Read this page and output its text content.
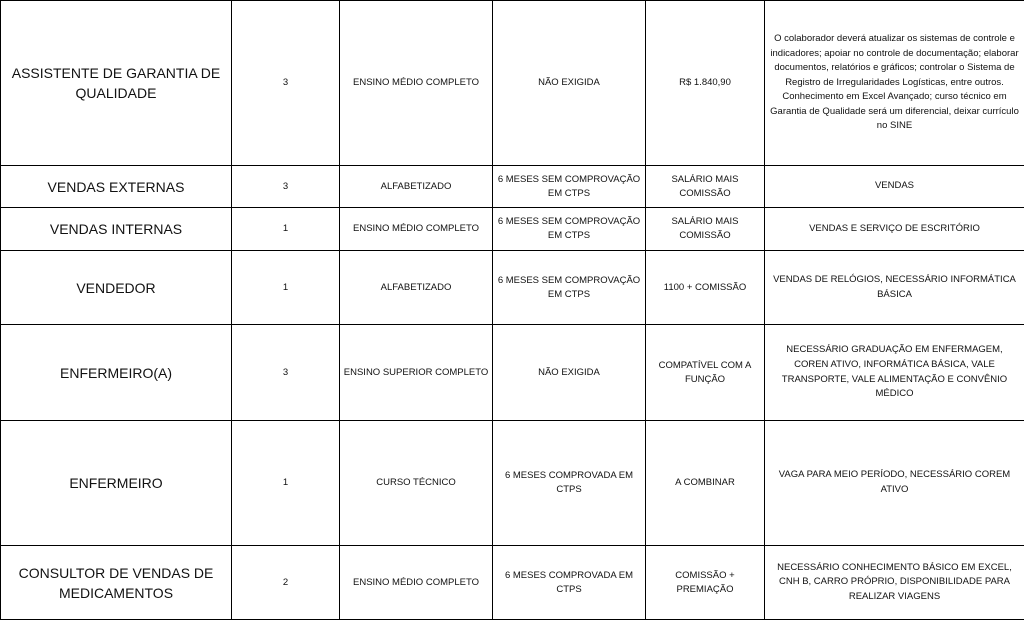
ASSISTENTE DE GARANTIA DE QUALIDADE	3	ENSINO MÉDIO COMPLETO	NÃO EXIGIDA	R$ 1.840,90	O colaborador deverá atualizar os sistemas de controle e indicadores; apoiar no controle de documentação; elaborar documentos, relatórios e gráficos; controlar o Sistema de Registro de Irregularidades Logísticas, entre outros. Conhecimento em Excel Avançado; curso técnico em Garantia de Qualidade será um diferencial, deixar currículo no SINE
VENDAS EXTERNAS	3	ALFABETIZADO	6 MESES SEM COMPROVAÇÃO EM CTPS	SALÁRIO MAIS COMISSÃO	VENDAS
VENDAS INTERNAS	1	ENSINO MÉDIO COMPLETO	6 MESES SEM COMPROVAÇÃO EM CTPS	SALÁRIO MAIS COMISSÃO	VENDAS E SERVIÇO DE ESCRITÓRIO
VENDEDOR	1	ALFABETIZADO	6 MESES SEM COMPROVAÇÃO EM CTPS	1100 + COMISSÃO	VENDAS DE RELÓGIOS, NECESSÁRIO INFORMÁTICA BÁSICA
ENFERMEIRO(A)	3	ENSINO SUPERIOR COMPLETO	NÃO EXIGIDA	COMPATÍVEL COM A FUNÇÃO	NECESSÁRIO GRADUAÇÃO EM ENFERMAGEM, COREN ATIVO, INFORMÁTICA BÁSICA, VALE TRANSPORTE, VALE ALIMENTAÇÃO E CONVÊNIO MÉDICO
ENFERMEIRO	1	CURSO TÉCNICO	6 MESES COMPROVADA EM CTPS	A COMBINAR	VAGA PARA MEIO PERÍODO, NECESSÁRIO COREM ATIVO
CONSULTOR DE VENDAS DE MEDICAMENTOS	2	ENSINO MÉDIO COMPLETO	6 MESES COMPROVADA EM CTPS	COMISSÃO + PREMIAÇÃO	NECESSÁRIO CONHECIMENTO BÁSICO EM EXCEL, CNH B, CARRO PRÓPRIO, DISPONIBILIDADE PARA REALIZAR VIAGENS
